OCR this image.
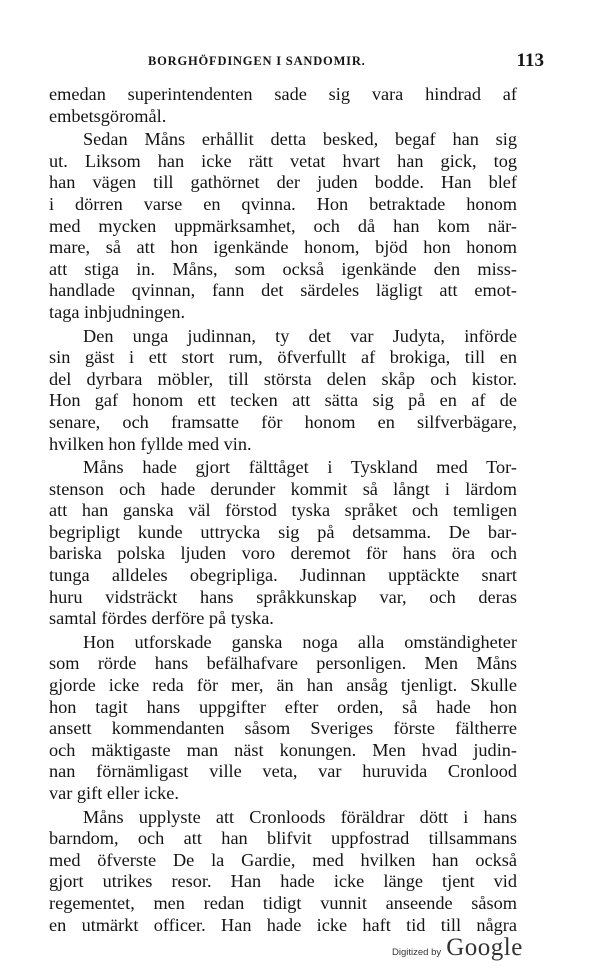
BORGHÖFDINGEN I SANDOMIR.	113
emedan superintendenten sade sig vara hindrad af
embetsgöromål.
Sedan Måns erhållit detta besked, begaf han sig
ut. Liksom han icke rätt vetat hvart han gick, tog
han vägen till gathörnet der juden bodde. Han blef
i dörren varse en qvinna. Hon betraktade honom
med mycken uppmärksamhet, och då han kom när-
mare, så att hon igenkände honom, bjöd hon honom
att stiga in. Måns, som också igenkände den miss-
handlade qvinnan, fann det särdeles lägligt att emot-
taga inbjudningen.
Den unga judinnan, ty det var Judyta, införde
sin gäst i ett stort rum, öfverfullt af brokiga, till en
del dyrbara möbler, till största delen skåp och kistor.
Hon gaf honom ett tecken att sätta sig på en af de
senare, och framsatte för honom en silfverbägare,
hvilken hon fyllde med vin.
Måns hade gjort fälttåget i Tyskland med Tor-
stenson och hade derunder kommit så långt i lärdom
att han ganska väl förstod tyska språket och temligen
begripligt kunde uttrycka sig på detsamma. De bar-
bariska polska ljuden voro deremot för hans öra och
tunga alldeles obegripliga. Judinnan upptäckte snart
huru vidsträckt hans språkkunskap var, och deras
samtal fördes derföre på tyska.
Hon utforskade ganska noga alla omständigheter
som rörde hans befälhafvare personligen. Men Måns
gjorde icke reda för mer, än han ansåg tjenligt. Skulle
hon tagit hans uppgifter efter orden, så hade hon
ansett kommendanten såsom Sveriges förste fältherre
och mäktigaste man näst konungen. Men hvad judin-
nan förnämligast ville veta, var huruvida Cronlood
var gift eller icke.
Måns upplyste att Cronloods föräldrar dött i hans
barndom, och att han blifvit uppfostrad tillsammans
med öfverste De la Gardie, med hvilken han också
gjort utrikes resor. Han hade icke länge tjent vid
regementet, men redan tidigt vunnit anseende såsom
en utmärkt officer. Han hade icke haft tid till några
Digitized by Google
